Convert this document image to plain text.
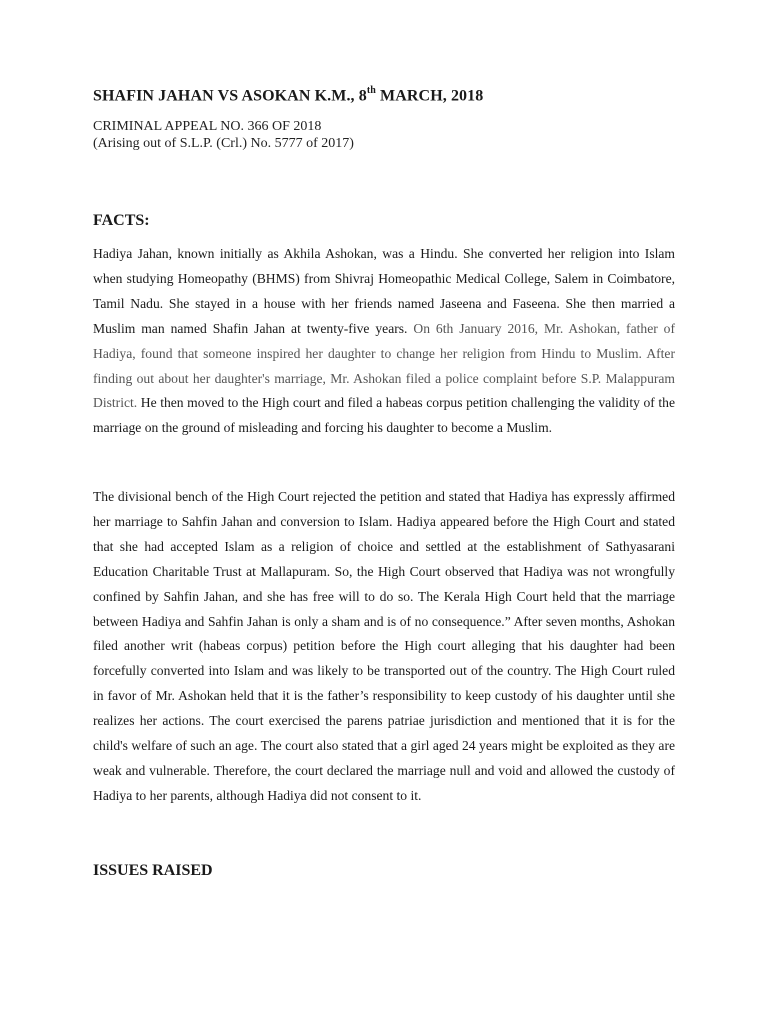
SHAFIN JAHAN VS ASOKAN K.M., 8th MARCH, 2018

CRIMINAL APPEAL NO. 366 OF 2018

(Arising out of S.L.P. (Crl.) No. 5777 of 2017)

FACTS:

Hadiya Jahan, known initially as Akhila Ashokan, was a Hindu. She converted her religion into Islam when studying Homeopathy (BHMS) from Shivraj Homeopathic Medical College, Salem in Coimbatore, Tamil Nadu. She stayed in a house with her friends named Jaseena and Faseena. She then married a Muslim man named Shafin Jahan at twenty-five years. On 6th January 2016, Mr. Ashokan, father of Hadiya, found that someone inspired her daughter to change her religion from Hindu to Muslim. After finding out about her daughter's marriage, Mr. Ashokan filed a police complaint before S.P. Malappuram District. He then moved to the High court and filed a habeas corpus petition challenging the validity of the marriage on the ground of misleading and forcing his daughter to become a Muslim.

The divisional bench of the High Court rejected the petition and stated that Hadiya has expressly affirmed her marriage to Sahfin Jahan and conversion to Islam. Hadiya appeared before the High Court and stated that she had accepted Islam as a religion of choice and settled at the establishment of Sathyasarani Education Charitable Trust at Mallapuram. So, the High Court observed that Hadiya was not wrongfully confined by Sahfin Jahan, and she has free will to do so. The Kerala High Court held that the marriage between Hadiya and Sahfin Jahan is only a sham and is of no consequence.” After seven months, Ashokan filed another writ (habeas corpus) petition before the High court alleging that his daughter had been forcefully converted into Islam and was likely to be transported out of the country. The High Court ruled in favor of Mr. Ashokan held that it is the father’s responsibility to keep custody of his daughter until she realizes her actions. The court exercised the parens patriae jurisdiction and mentioned that it is for the child's welfare of such an age. The court also stated that a girl aged 24 years might be exploited as they are weak and vulnerable. Therefore, the court declared the marriage null and void and allowed the custody of Hadiya to her parents, although Hadiya did not consent to it.

ISSUES RAISED
